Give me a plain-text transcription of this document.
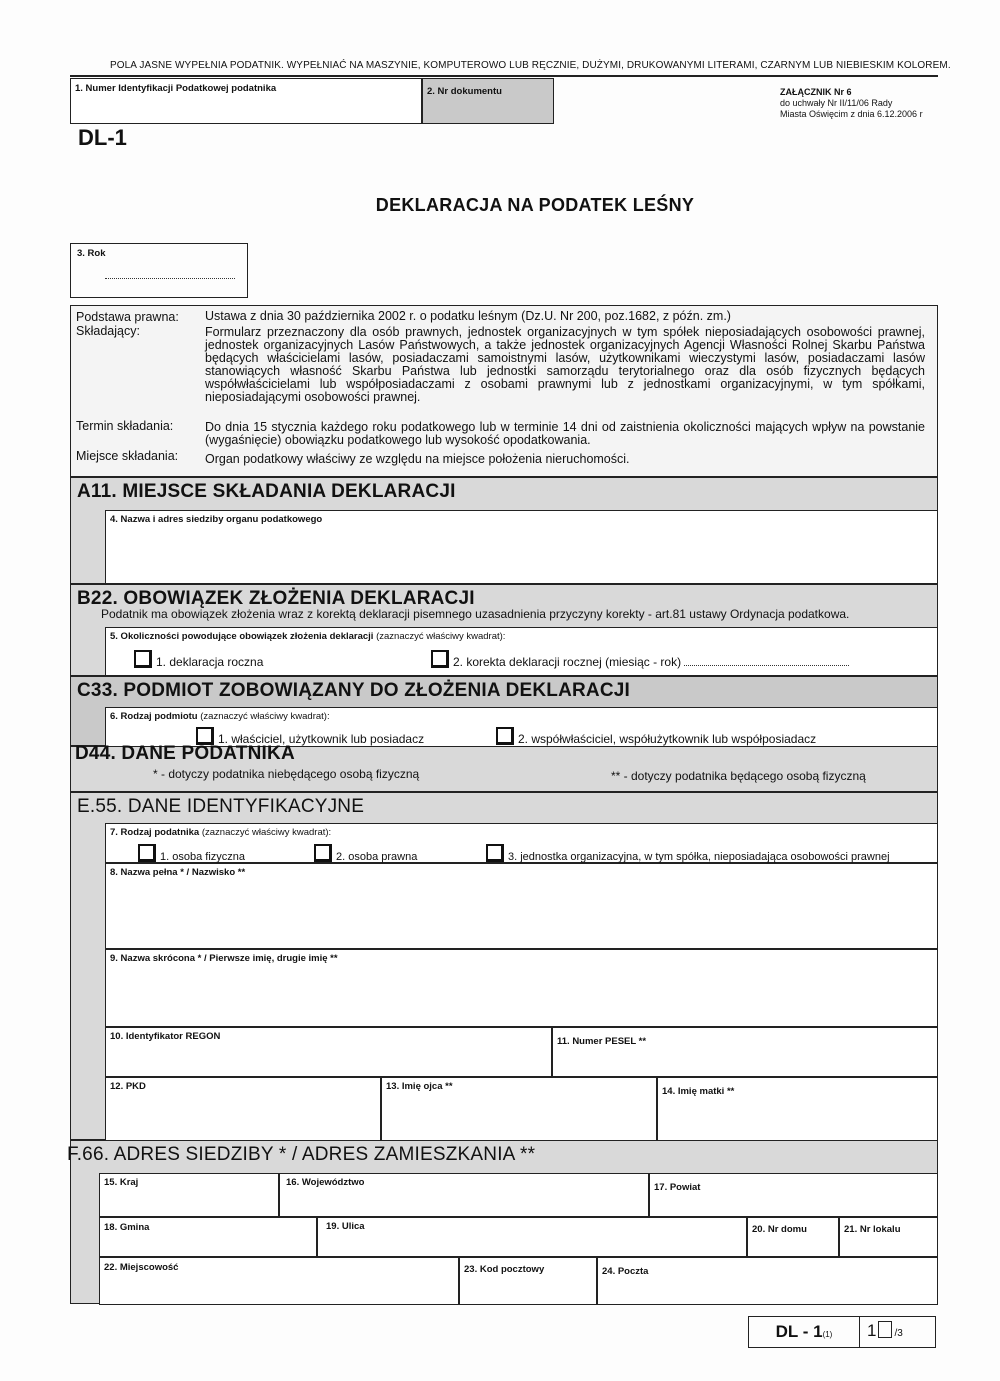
POLA JASNE WYPEŁNIA PODATNIK. WYPEŁNIAĆ NA MASZYNIE, KOMPUTEROWO LUB RĘCZNIE, DUŻYMI, DRUKOWANYMI LITERAMI, CZARNYM LUB NIEBIESKIM KOLOREM.
1. Numer Identyfikacji Podatkowej podatnika	2. Nr dokumentu
DL-1
ZAŁĄCZNIK Nr 6
do uchwały Nr II/11/06 Rady
Miasta Oświęcim z dnia 6.12.2006 r
DEKLARACJA NA PODATEK LEŚNY
3. Rok
Podstawa prawna: Ustawa z dnia 30 października 2002 r. o podatku leśnym (Dz.U. Nr 200, poz.1682, z późn. zm.)
Składający:	Formularz przeznaczony dla osób prawnych, jednostek organizacyjnych w tym spółek nieposiadających osobowości prawnej, jednostek organizacyjnych Lasów Państwowych, a także jednostek organizacyjnych Agencji Własności Rolnej Skarbu Państwa będących właścicielami lasów, posiadaczami samoistnymi lasów, użytkownikami wieczystymi lasów, posiadaczami lasów stanowiących własność Skarbu Państwa lub jednostki samorządu terytorialnego oraz dla osób fizycznych będących współwłaścicielami lub współposiadaczami z osobami prawnymi lub z jednostkami organizacyjnymi, w tym spółkami, nieposiadającymi osobowości prawnej.
Termin składania:	Do dnia 15 stycznia każdego roku podatkowego lub w terminie 14 dni od zaistnienia okoliczności mających wpływ na powstanie (wygaśnięcie) obowiązku podatkowego lub wysokość opodatkowania.
Miejsce składania: Organ podatkowy właściwy ze względu na miejsce położenia nieruchomości.
A11. MIEJSCE SKŁADANIA DEKLARACJI
4. Nazwa i adres siedziby organu podatkowego
B22. OBOWIĄZEK ZŁOŻENIA DEKLARACJI
Podatnik ma obowiązek złożenia wraz z korektą deklaracji pisemnego uzasadnienia przyczyny korekty - art.81 ustawy Ordynacja podatkowa.
5. Okoliczności powodujące obowiązek złożenia deklaracji (zaznaczyć właściwy kwadrat):
1. deklaracja roczna	2. korekta deklaracji rocznej (miesiąc - rok)
C33. PODMIOT ZOBOWIĄZANY DO ZŁOŻENIA DEKLARACJI
6. Rodzaj podmiotu (zaznaczyć właściwy kwadrat):
1. właściciel, użytkownik lub posiadacz	2. współwłaściciel, współużytkownik lub współposiadacz
D44. DANE PODATNIKA
* - dotyczy podatnika niebędącego osobą fizyczną	** - dotyczy podatnika będącego osobą fizyczną
E.55. DANE IDENTYFIKACYJNE
7. Rodzaj podatnika (zaznaczyć właściwy kwadrat):
1. osoba fizyczna	2. osoba prawna	3. jednostka organizacyjna, w tym spółka, nieposiadająca osobowości prawnej
8. Nazwa pełna * / Nazwisko **
9. Nazwa skrócona * / Pierwsze imię, drugie imię **
10. Identyfikator REGON	11. Numer PESEL **
12. PKD	13. Imię ojca **	14. Imię matki **
F.66. ADRES SIEDZIBY * / ADRES ZAMIESZKANIA **
15. Kraj	16. Województwo	17. Powiat
18. Gmina	19. Ulica	20. Nr domu	21. Nr lokalu
22. Miejscowość	23. Kod pocztowy	24. Poczta
DL - 1(1)	1 /3
